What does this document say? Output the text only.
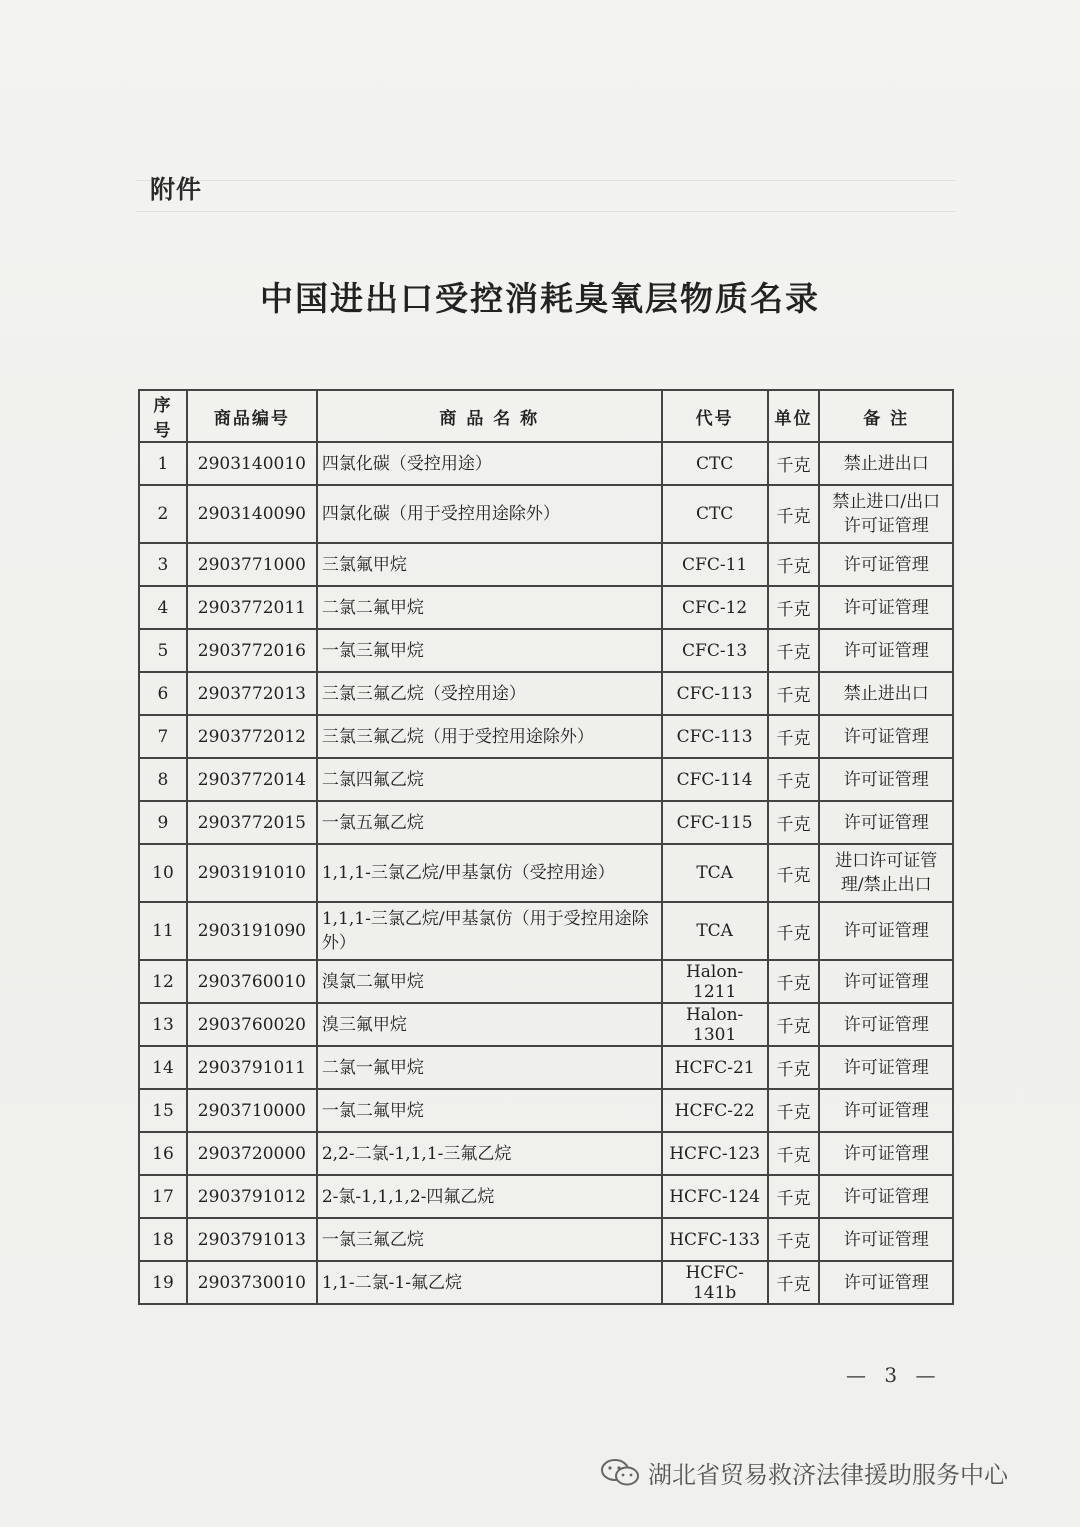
附件
中国进出口受控消耗臭氧层物质名录
序号	商品编号	商 品 名 称	代号	单位	备 注
1	2903140010	四氯化碳（受控用途）	CTC	千克	禁止进出口
2	2903140090	四氯化碳（用于受控用途除外）	CTC	千克	禁止进口/出口许可证管理
3	2903771000	三氯氟甲烷	CFC-11	千克	许可证管理
4	2903772011	二氯二氟甲烷	CFC-12	千克	许可证管理
5	2903772016	一氯三氟甲烷	CFC-13	千克	许可证管理
6	2903772013	三氯三氟乙烷（受控用途）	CFC-113	千克	禁止进出口
7	2903772012	三氯三氟乙烷（用于受控用途除外）	CFC-113	千克	许可证管理
8	2903772014	二氯四氟乙烷	CFC-114	千克	许可证管理
9	2903772015	一氯五氟乙烷	CFC-115	千克	许可证管理
10	2903191010	1,1,1-三氯乙烷/甲基氯仿（受控用途）	TCA	千克	进口许可证管理/禁止出口
11	2903191090	1,1,1-三氯乙烷/甲基氯仿（用于受控用途除外）	TCA	千克	许可证管理
12	2903760010	溴氯二氟甲烷	Halon-1211	千克	许可证管理
13	2903760020	溴三氟甲烷	Halon-1301	千克	许可证管理
14	2903791011	二氯一氟甲烷	HCFC-21	千克	许可证管理
15	2903710000	一氯二氟甲烷	HCFC-22	千克	许可证管理
16	2903720000	2,2-二氯-1,1,1-三氟乙烷	HCFC-123	千克	许可证管理
17	2903791012	2-氯-1,1,1,2-四氟乙烷	HCFC-124	千克	许可证管理
18	2903791013	一氯三氟乙烷	HCFC-133	千克	许可证管理
19	2903730010	1,1-二氯-1-氟乙烷	HCFC-141b	千克	许可证管理
— 3 —
湖北省贸易救济法律援助服务中心
